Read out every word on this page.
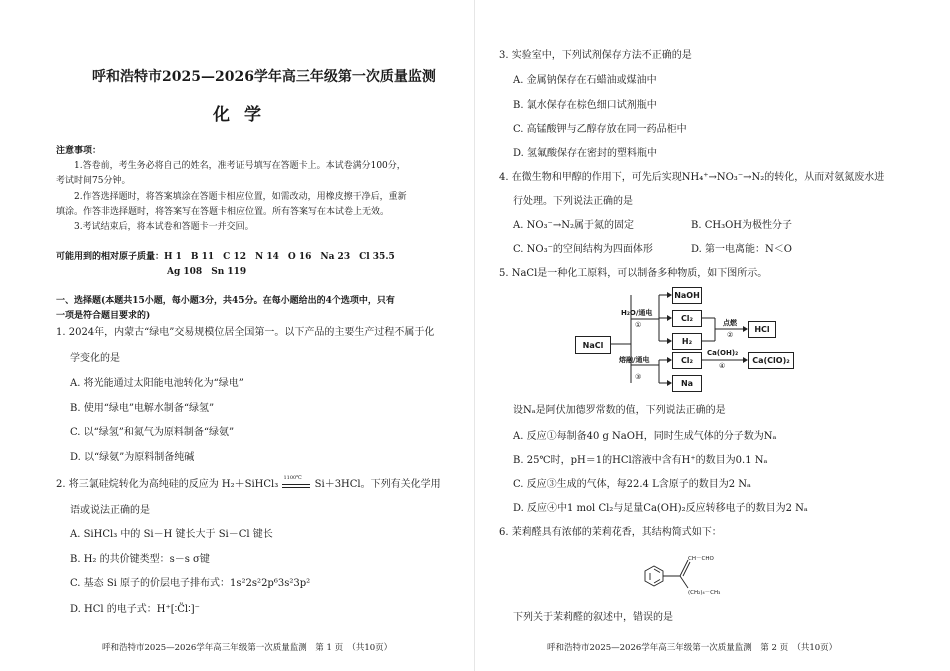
呼和浩特市2025—2026学年高三年级第一次质量监测
化学
注意事项：
1.答卷前，考生务必将自己的姓名，准考证号填写在答题卡上。本试卷满分100分，
考试时间75分钟。
2.作答选择题时，将答案填涂在答题卡相应位置，如需改动，用橡皮擦干净后，重新
填涂。作答非选择题时，将答案写在答题卡相应位置。所有答案写在本试卷上无效。
3.考试结束后，将本试卷和答题卡一并交回。
可能用到的相对原子质量：H 1　B 11　C 12　N 14　O 16　Na 23　Cl 35.5
Ag 108　Sn 119
一、选择题(本题共15小题，每小题3分，共45分。在每小题给出的4个选项中，只有
一项是符合题目要求的)
1. 2024年，内蒙古“绿电”交易规模位居全国第一。以下产品的主要生产过程不属于化
学变化的是
A. 将光能通过太阳能电池转化为“绿电”
B. 使用“绿电”电解水制备“绿氢”
C. 以“绿氢”和氮气为原料制备“绿氨”
D. 以“绿氨”为原料制备纯碱
2. 将三氯硅烷转化为高纯硅的反应为 H₂＋SiHCl₃
1100℃
Si＋3HCl。下列有关化学用
语或说法正确的是
A. SiHCl₃ 中的 Si－H 键长大于 Si－Cl 键长
B. H₂ 的共价键类型：s－s σ键
C. 基态 Si 原子的价层电子排布式：1s²2s²2p⁶3s²3p²
D. HCl 的电子式：H⁺[∶C̈l∶]⁻
呼和浩特市2025—2026学年高三年级第一次质量监测　第 1 页　（共10页）
3. 实验室中，下列试剂保存方法不正确的是
A. 金属钠保存在石蜡油或煤油中
B. 氯水保存在棕色细口试剂瓶中
C. 高锰酸钾与乙醇存放在同一药品柜中
D. 氢氟酸保存在密封的塑料瓶中
4. 在微生物和甲醇的作用下，可先后实现NH₄⁺→NO₃⁻→N₂的转化，从而对氨氮废水进
行处理。下列说法正确的是
A. NO₃⁻→N₂属于氮的固定	B. CH₃OH为极性分子
C. NO₃⁻的空间结构为四面体形	D. 第一电离能：N＜O
5. NaCl是一种化工原料，可以制备多种物质，如下图所示。
NaCl
H₂O/通电
①
熔融/通电
③
NaOH
Cl₂
H₂
Cl₂
Na
点燃
②
HCl
Ca(OH)₂
④
Ca(ClO)₂
设Nₐ是阿伏加德罗常数的值，下列说法正确的是
A. 反应①每制备40 g NaOH，同时生成气体的分子数为Nₐ
B. 25℃时，pH＝1的HCl溶液中含有H⁺的数目为0.1 Nₐ
C. 反应③生成的气体，每22.4 L含原子的数目为2 Nₐ
D. 反应④中1 mol Cl₂与足量Ca(OH)₂反应转移电子的数目为2 Nₐ
6. 茉莉醛具有浓郁的茉莉花香，其结构简式如下：
CH－CHO
(CH₂)₄－CH₃
下列关于茉莉醛的叙述中，错误的是
呼和浩特市2025—2026学年高三年级第一次质量监测　第 2 页　（共10页）
